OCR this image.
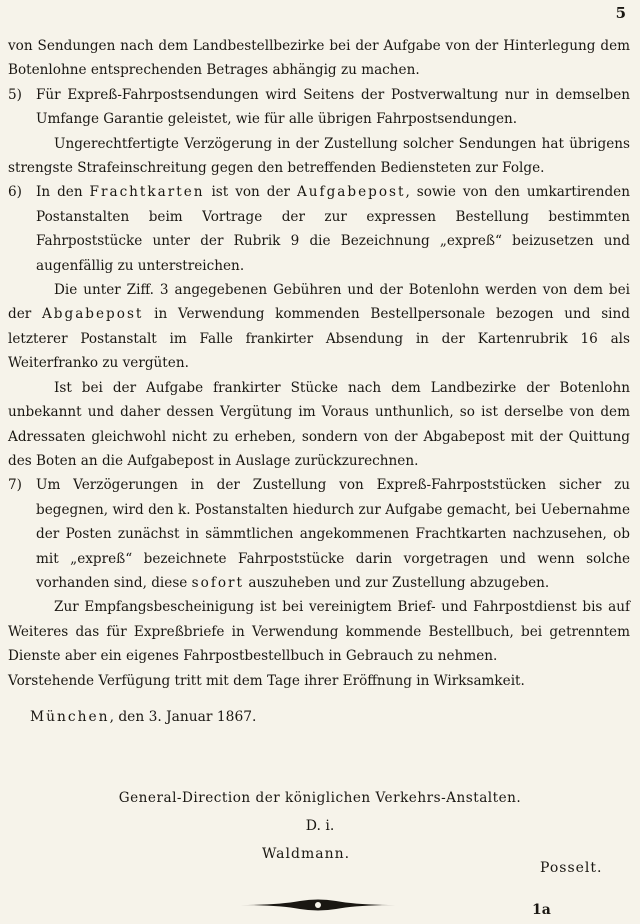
5
von Sendungen nach dem Landbestellbezirke bei der Aufgabe von der Hinterlegung dem Botenlohne entsprechenden Betrages abhängig zu machen.
5)	Für Expreß-Fahrpostsendungen wird Seitens der Postverwaltung nur in demselben Umfange Garantie geleistet, wie für alle übrigen Fahrpostsendungen.
Ungerechtfertigte Verzögerung in der Zustellung solcher Sendungen hat übrigens strengste Strafeinschreitung gegen den betreffenden Bediensteten zur Folge.
6)	In den Frachtkarten ist von der Aufgabepost, sowie von den umkartirenden Postanstalten beim Vortrage der zur expressen Bestellung bestimmten Fahrpoststücke unter der Rubrik 9 die Bezeichnung „expreß“ beizusetzen und augenfällig zu unterstreichen.
Die unter Ziff. 3 angegebenen Gebühren und der Botenlohn werden von dem bei der Abgabepost in Verwendung kommenden Bestellpersonale bezogen und sind letzterer Postanstalt im Falle frankirter Absendung in der Kartenrubrik 16 als Weiterfranko zu vergüten.
Ist bei der Aufgabe frankirter Stücke nach dem Landbezirke der Botenlohn unbekannt und daher dessen Vergütung im Voraus unthunlich, so ist derselbe von dem Adressaten gleichwohl nicht zu erheben, sondern von der Abgabepost mit der Quittung des Boten an die Aufgabepost in Auslage zurückzurechnen.
7)	Um Verzögerungen in der Zustellung von Expreß-Fahrpoststücken sicher zu begegnen, wird den k. Postanstalten hiedurch zur Aufgabe gemacht, bei Uebernahme der Posten zunächst in sämmtlichen angekommenen Frachtkarten nachzusehen, ob mit „expreß“ bezeichnete Fahrpoststücke darin vorgetragen und wenn solche vorhanden sind, diese sofort auszuheben und zur Zustellung abzugeben.
Zur Empfangsbescheinigung ist bei vereinigtem Brief- und Fahrpostdienst bis auf Weiteres das für Expreßbriefe in Verwendung kommende Bestellbuch, bei getrenntem Dienste aber ein eigenes Fahrpostbestellbuch in Gebrauch zu nehmen.
Vorstehende Verfügung tritt mit dem Tage ihrer Eröffnung in Wirksamkeit.
München, den 3. Januar 1867.
General-Direction der königlichen Verkehrs-Anstalten.
D. i.
Waldmann.
Posselt.
1a
